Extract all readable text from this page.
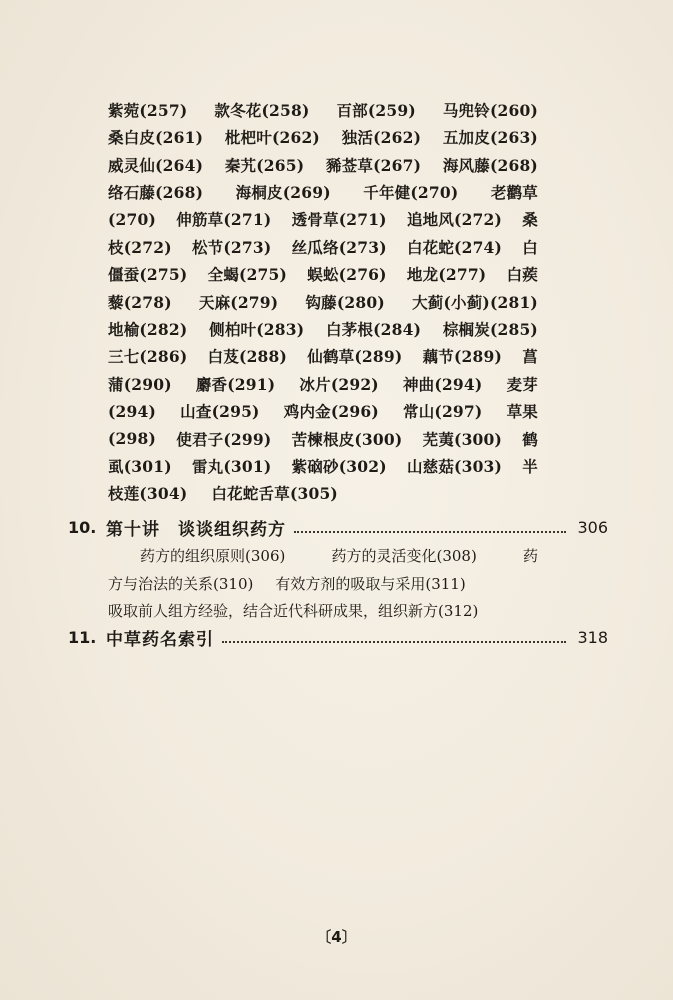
紫菀(257) 款冬花(258) 百部(259) 马兜铃(260)
桑白皮(261) 枇杷叶(262) 独活(262) 五加皮(263)
威灵仙(264) 秦艽(265) 豨莶草(267) 海风藤(268)
络石藤(268) 海桐皮(269) 千年健(270) 老鹳草
(270) 伸筋草(271) 透骨草(271) 追地风(272) 桑
枝(272) 松节(273) 丝瓜络(273) 白花蛇(274) 白
僵蚕(275) 全蝎(275) 蜈蚣(276) 地龙(277) 白蒺
藜(278) 天麻(279) 钩藤(280) 大蓟(小蓟)(281)
地榆(282) 侧柏叶(283) 白茅根(284) 棕榈炭(285)
三七(286) 白芨(288) 仙鹤草(289) 藕节(289) 菖
蒲(290) 麝香(291) 冰片(292) 神曲(294) 麦芽
(294) 山查(295) 鸡内金(296) 常山(297) 草果
(298) 使君子(299) 苦楝根皮(300) 芜荑(300) 鹤
虱(301) 雷丸(301) 紫硇砂(302) 山慈菇(303) 半
枝莲(304) 白花蛇舌草(305)
10. 第十讲　谈谈组织药方	306
药方的组织原则(306)	药方的灵活变化(308)	药
方与治法的关系(310) 有效方剂的吸取与采用(311)
吸取前人组方经验，结合近代科研成果，组织新方(312)
11. 中草药名索引	318
〔4〕
